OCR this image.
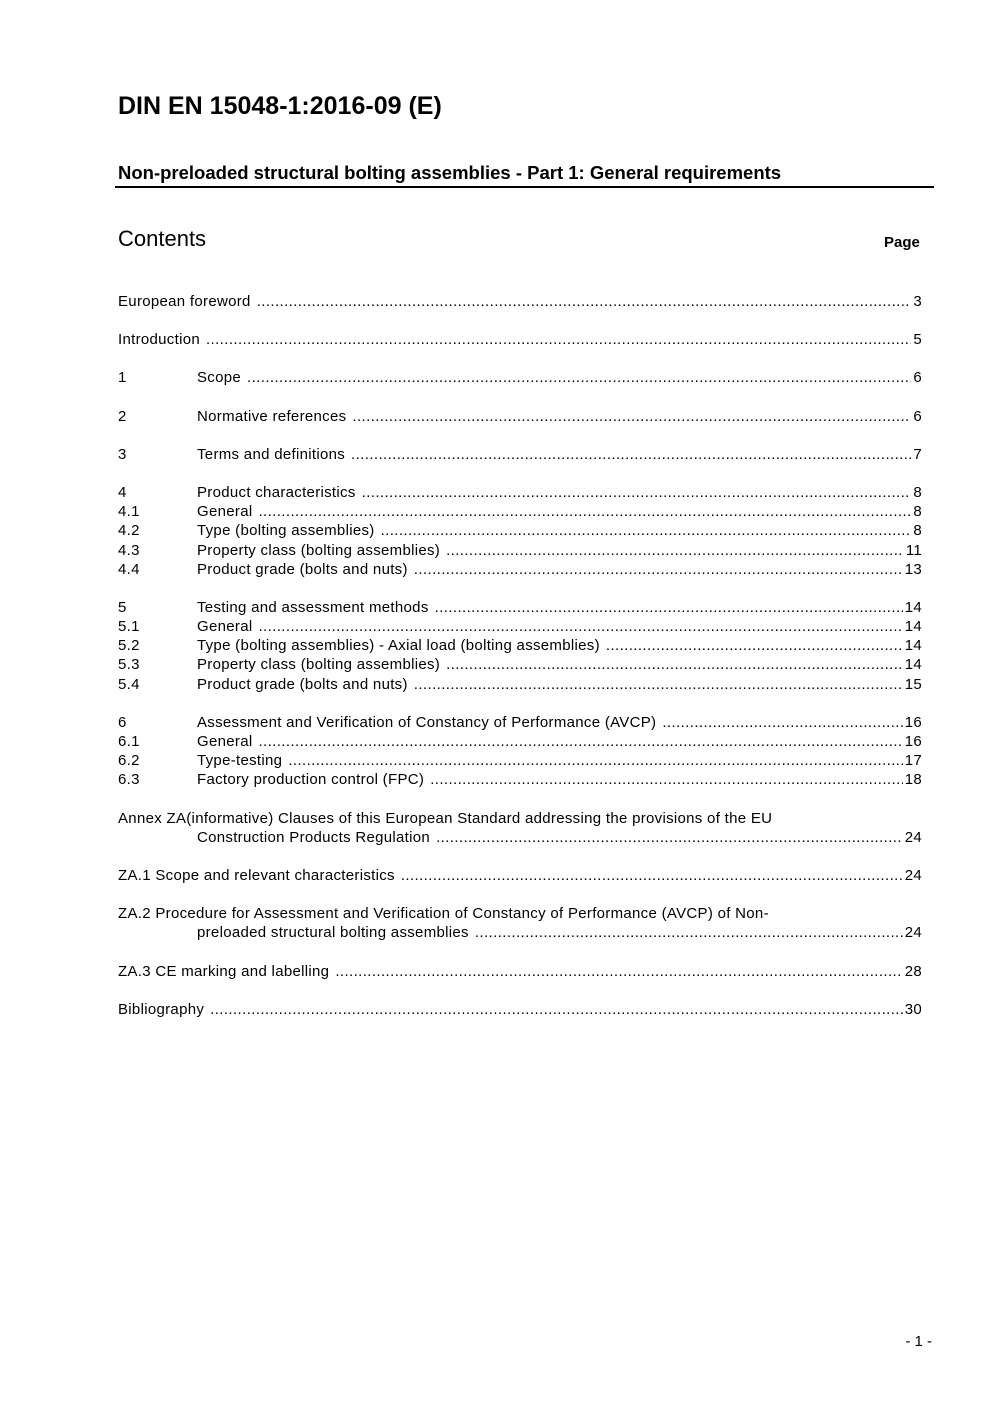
DIN EN 15048-1:2016-09 (E)
Non-preloaded structural bolting assemblies - Part 1: General requirements
Contents	Page
European foreword .....	3
Introduction .....	5
1	Scope .....	6
2	Normative references .....	6
3	Terms and definitions .....	7
4	Product characteristics .....	8
4.1	General .....	8
4.2	Type (bolting assemblies) .....	8
4.3	Property class (bolting assemblies) .....	11
4.4	Product grade (bolts and nuts) .....	13
5	Testing and assessment methods .....	14
5.1	General .....	14
5.2	Type (bolting assemblies) - Axial load (bolting assemblies) .....	14
5.3	Property class (bolting assemblies) .....	14
5.4	Product grade (bolts and nuts) .....	15
6	Assessment and Verification of Constancy of Performance (AVCP) .....	16
6.1	General .....	16
6.2	Type-testing .....	17
6.3	Factory production control (FPC) .....	18
Annex ZA(informative) Clauses of this European Standard addressing the provisions of the EU
Construction Products Regulation .....	24
ZA.1 Scope and relevant characteristics .....	24
ZA.2 Procedure for Assessment and Verification of Constancy of Performance (AVCP) of Non-
preloaded structural bolting assemblies .....	24
ZA.3 CE marking and labelling .....	28
Bibliography .....	30
- 1 -
